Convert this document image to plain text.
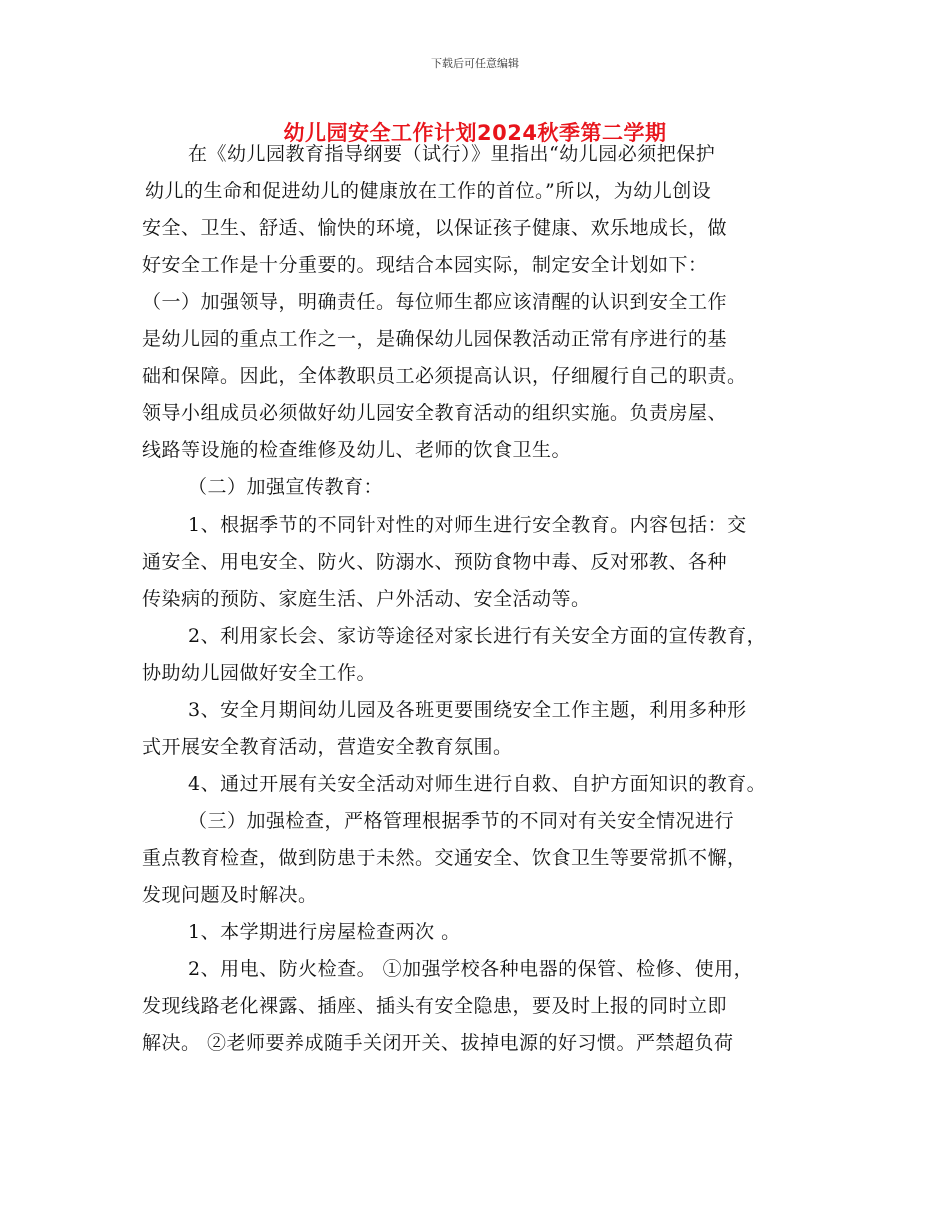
下载后可任意编辑
幼儿园安全工作计划2024秋季第二学期
在《幼儿园教育指导纲要（试行）》里指出“幼儿园必须把保护
幼儿的生命和促进幼儿的健康放在工作的首位。”所以，为幼儿创设
安全、卫生、舒适、愉快的环境，以保证孩子健康、欢乐地成长，做
好安全工作是十分重要的。现结合本园实际，制定安全计划如下：
（一）加强领导，明确责任。每位师生都应该清醒的认识到安全工作
是幼儿园的重点工作之一，是确保幼儿园保教活动正常有序进行的基
础和保障。因此，全体教职员工必须提高认识，仔细履行自己的职责。
领导小组成员必须做好幼儿园安全教育活动的组织实施。负责房屋、
线路等设施的检查维修及幼儿、老师的饮食卫生。
（二）加强宣传教育：
1、根据季节的不同针对性的对师生进行安全教育。内容包括：交
通安全、用电安全、防火、防溺水、预防食物中毒、反对邪教、各种
传染病的预防、家庭生活、户外活动、安全活动等。
2、利用家长会、家访等途径对家长进行有关安全方面的宣传教育，
协助幼儿园做好安全工作。
3、安全月期间幼儿园及各班更要围绕安全工作主题，利用多种形
式开展安全教育活动，营造安全教育氛围。
4、通过开展有关安全活动对师生进行自救、自护方面知识的教育。
（三）加强检查，严格管理根据季节的不同对有关安全情况进行
重点教育检查，做到防患于未然。交通安全、饮食卫生等要常抓不懈，
发现问题及时解决。
1、本学期进行房屋检查两次 。
2、用电、防火检查。 ①加强学校各种电器的保管、检修、使用，
发现线路老化裸露、插座、插头有安全隐患，要及时上报的同时立即
解决。 ②老师要养成随手关闭开关、拔掉电源的好习惯。严禁超负荷
